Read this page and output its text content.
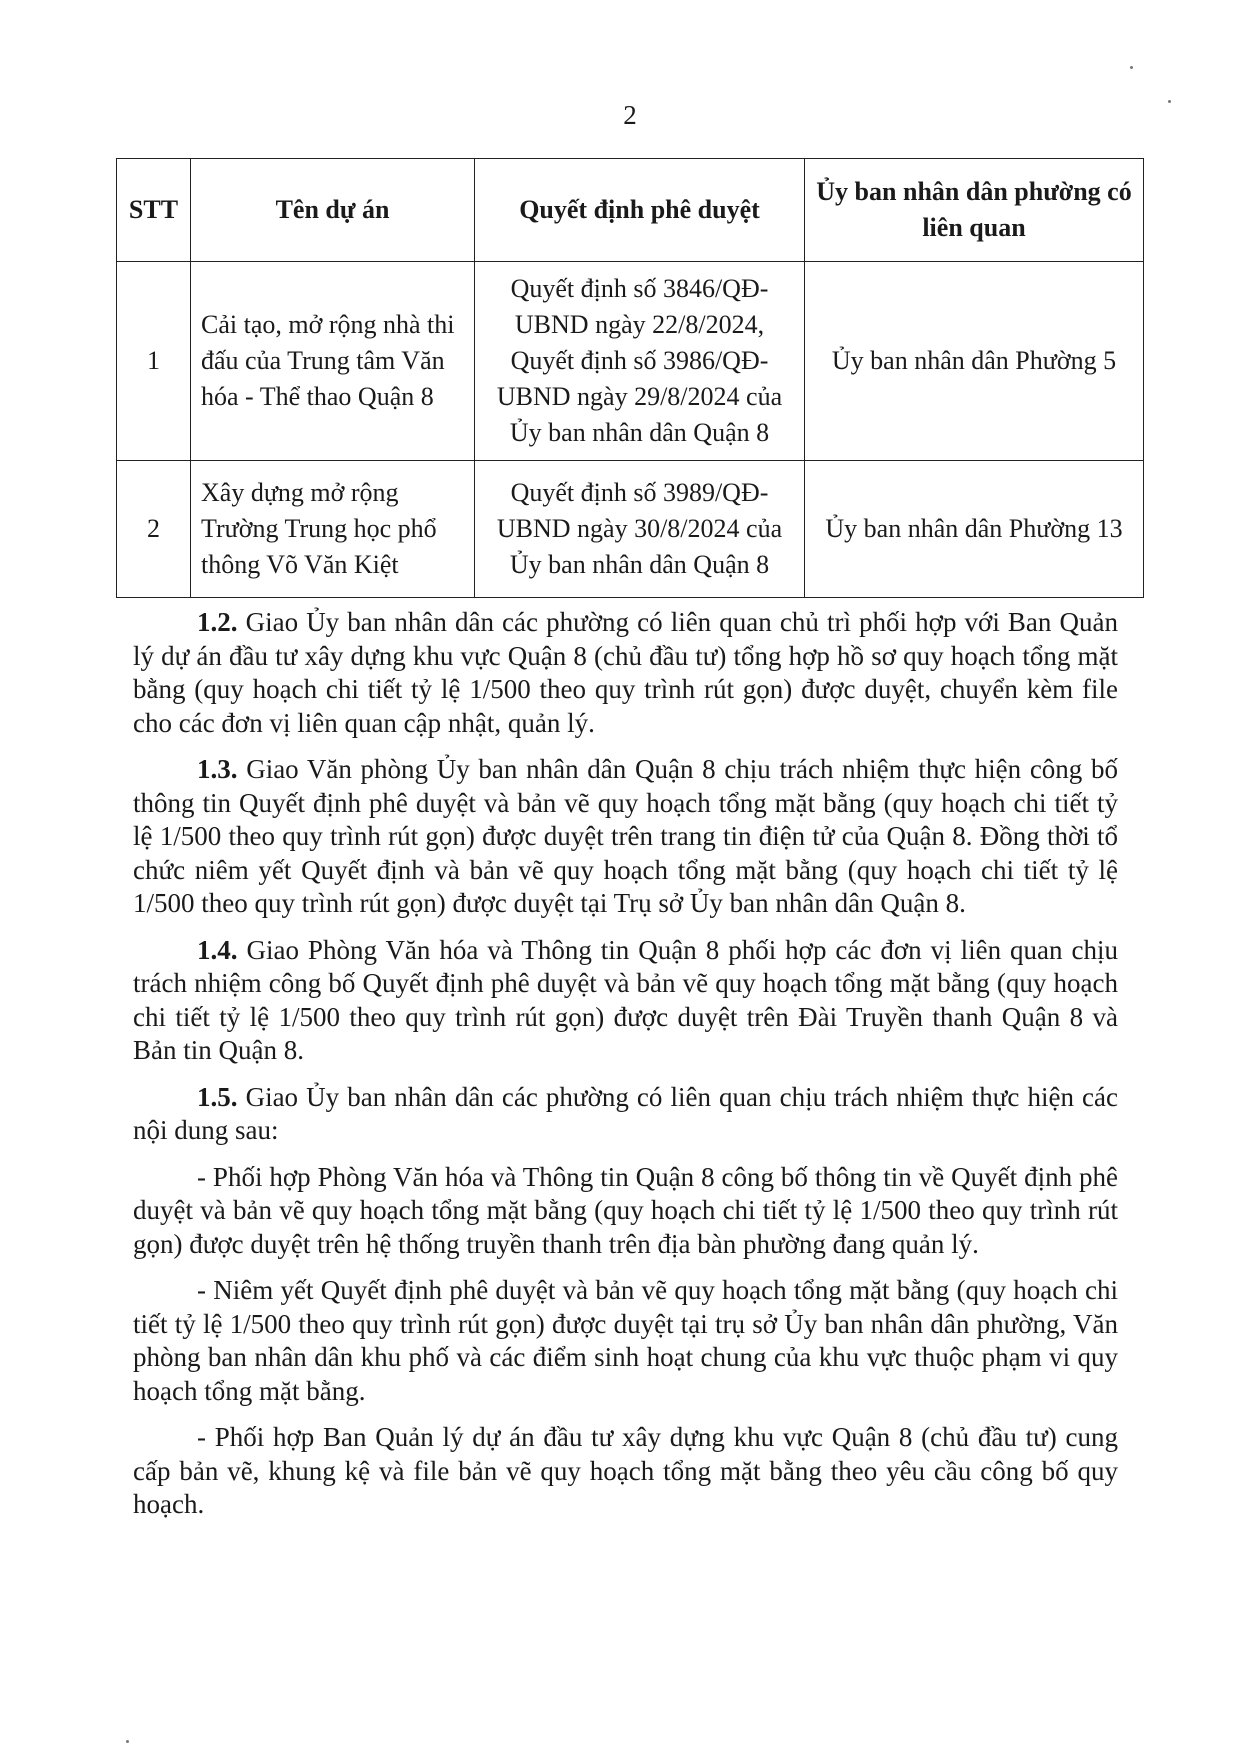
2
STT	Tên dự án	Quyết định phê duyệt	Ủy ban nhân dân phường có liên quan
1	Cải tạo, mở rộng nhà thi đấu của Trung tâm Văn hóa - Thể thao Quận 8	Quyết định số 3846/QĐ-UBND ngày 22/8/2024, Quyết định số 3986/QĐ-UBND ngày 29/8/2024 của Ủy ban nhân dân Quận 8	Ủy ban nhân dân Phường 5
2	Xây dựng mở rộng Trường Trung học phổ thông Võ Văn Kiệt	Quyết định số 3989/QĐ-UBND ngày 30/8/2024 của Ủy ban nhân dân Quận 8	Ủy ban nhân dân Phường 13

1.2. Giao Ủy ban nhân dân các phường có liên quan chủ trì phối hợp với Ban Quản lý dự án đầu tư xây dựng khu vực Quận 8 (chủ đầu tư) tổng hợp hồ sơ quy hoạch tổng mặt bằng (quy hoạch chi tiết tỷ lệ 1/500 theo quy trình rút gọn) được duyệt, chuyển kèm file cho các đơn vị liên quan cập nhật, quản lý.

1.3. Giao Văn phòng Ủy ban nhân dân Quận 8 chịu trách nhiệm thực hiện công bố thông tin Quyết định phê duyệt và bản vẽ quy hoạch tổng mặt bằng (quy hoạch chi tiết tỷ lệ 1/500 theo quy trình rút gọn) được duyệt trên trang tin điện tử của Quận 8. Đồng thời tổ chức niêm yết Quyết định và bản vẽ quy hoạch tổng mặt bằng (quy hoạch chi tiết tỷ lệ 1/500 theo quy trình rút gọn) được duyệt tại Trụ sở Ủy ban nhân dân Quận 8.

1.4. Giao Phòng Văn hóa và Thông tin Quận 8 phối hợp các đơn vị liên quan chịu trách nhiệm công bố Quyết định phê duyệt và bản vẽ quy hoạch tổng mặt bằng (quy hoạch chi tiết tỷ lệ 1/500 theo quy trình rút gọn) được duyệt trên Đài Truyền thanh Quận 8 và Bản tin Quận 8.

1.5. Giao Ủy ban nhân dân các phường có liên quan chịu trách nhiệm thực hiện các nội dung sau:

- Phối hợp Phòng Văn hóa và Thông tin Quận 8 công bố thông tin về Quyết định phê duyệt và bản vẽ quy hoạch tổng mặt bằng (quy hoạch chi tiết tỷ lệ 1/500 theo quy trình rút gọn) được duyệt trên hệ thống truyền thanh trên địa bàn phường đang quản lý.

- Niêm yết Quyết định phê duyệt và bản vẽ quy hoạch tổng mặt bằng (quy hoạch chi tiết tỷ lệ 1/500 theo quy trình rút gọn) được duyệt tại trụ sở Ủy ban nhân dân phường, Văn phòng ban nhân dân khu phố và các điểm sinh hoạt chung của khu vực thuộc phạm vi quy hoạch tổng mặt bằng.

- Phối hợp Ban Quản lý dự án đầu tư xây dựng khu vực Quận 8 (chủ đầu tư) cung cấp bản vẽ, khung kệ và file bản vẽ quy hoạch tổng mặt bằng theo yêu cầu công bố quy hoạch.
